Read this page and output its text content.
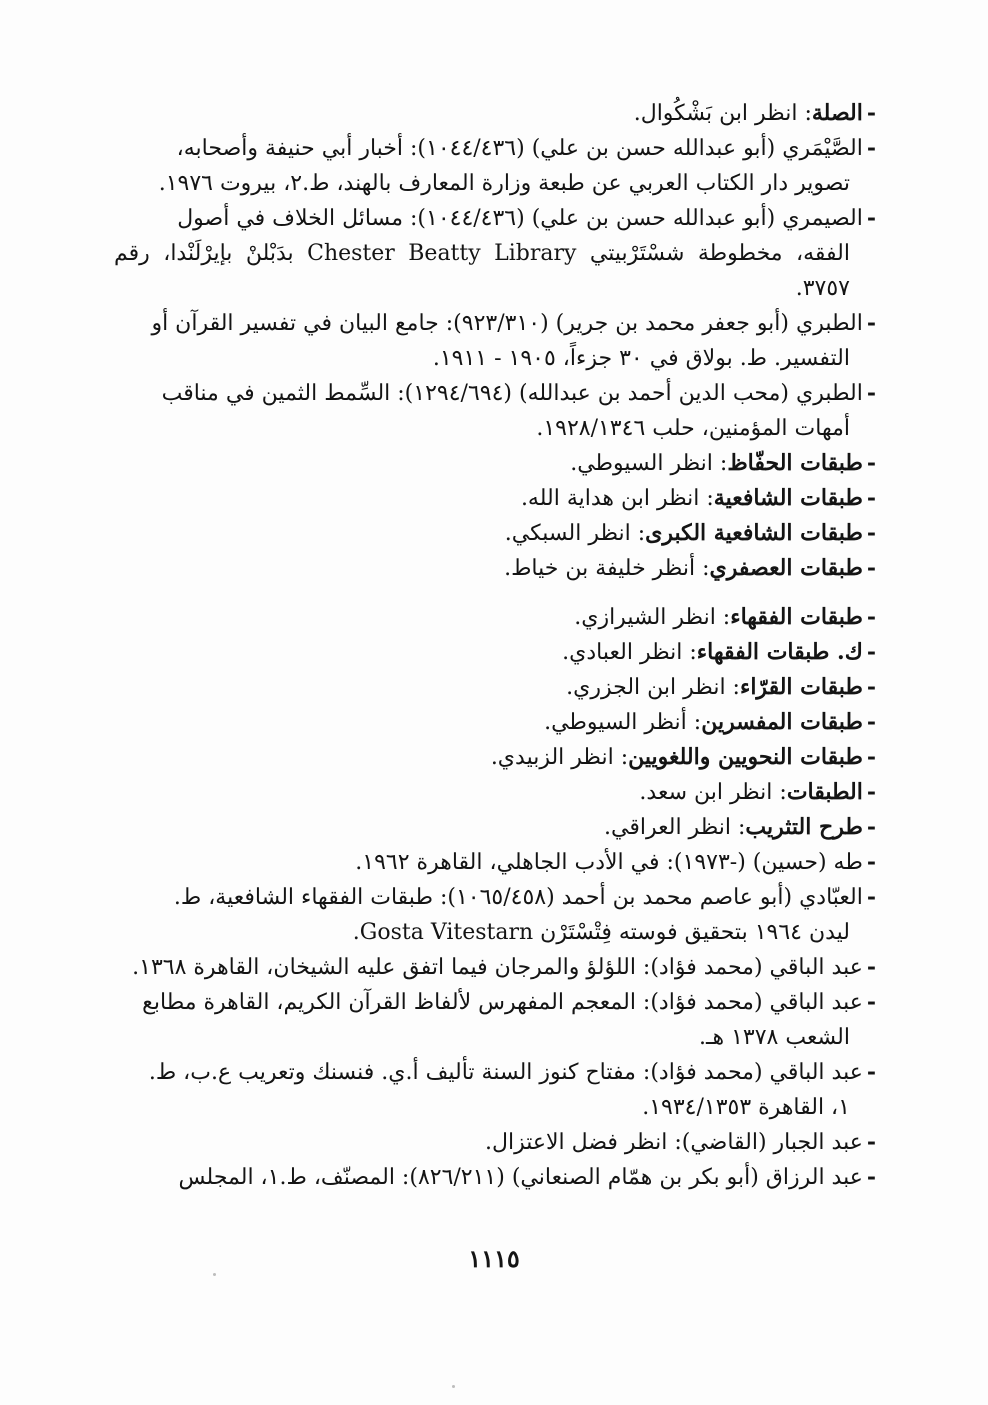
-الصلة: انظر ابن بَشْكُوال.
-الصَّيْمَري (أبو عبدالله حسن بن علي) (١٠٤٤/٤٣٦): أخبار أبي حنيفة وأصحابه،
تصوير دار الكتاب العربي عن طبعة وزارة المعارف بالهند، ط.٢، بيروت ١٩٧٦.
-الصيمري (أبو عبدالله حسن بن علي) (١٠٤٤/٤٣٦): مسائل الخلاف في أصول
الفقه، مخطوطة شسْتَرْبيتي Chester Beatty Library بدَبْلنْ بإيرْلَنْدا، رقم ٣٧٥٧.
-الطبري (أبو جعفر محمد بن جرير) (٩٢٣/٣١٠): جامع البيان في تفسير القرآن أو
التفسير. ط. بولاق في ٣٠ جزءاً، ١٩٠٥ - ١٩١١.
-الطبري (محب الدين أحمد بن عبدالله) (١٢٩٤/٦٩٤): السِّمط الثمين في مناقب
أمهات المؤمنين، حلب ١٩٢٨/١٣٤٦.
-طبقات الحفّاظ: انظر السيوطي.
-طبقات الشافعية: انظر ابن هداية الله.
-طبقات الشافعية الكبرى: انظر السبكي.
-طبقات العصفري: أنظر خليفة بن خياط.
-طبقات الفقهاء: انظر الشيرازي.
-ك. طبقات الفقهاء: انظر العبادي.
-طبقات القرّاء: انظر ابن الجزري.
-طبقات المفسرين: أنظر السيوطي.
-طبقات النحويين واللغويين: انظر الزبيدي.
-الطبقات: انظر ابن سعد.
-طرح التثريب: انظر العراقي.
-طه (حسين) (-١٩٧٣): في الأدب الجاهلي، القاهرة ١٩٦٢.
-العبّادي (أبو عاصم محمد بن أحمد (١٠٦٥/٤٥٨): طبقات الفقهاء الشافعية، ط.
ليدن ١٩٦٤ بتحقيق فوسته فِتْسْتَرْن Gosta Vitestarn.
-عبد الباقي (محمد فؤاد): اللؤلؤ والمرجان فيما اتفق عليه الشيخان، القاهرة ١٣٦٨.
-عبد الباقي (محمد فؤاد): المعجم المفهرس لألفاظ القرآن الكريم، القاهرة مطابع
الشعب ١٣٧٨ هـ.
-عبد الباقي (محمد فؤاد): مفتاح كنوز السنة تأليف أ.ي. فنسنك وتعريب ع.ب، ط.
١، القاهرة ١٩٣٤/١٣٥٣.
-عبد الجبار (القاضي): انظر فضل الاعتزال.
-عبد الرزاق (أبو بكر بن همّام الصنعاني) (٨٢٦/٢١١): المصنّف، ط.١، المجلس
١١١٥
